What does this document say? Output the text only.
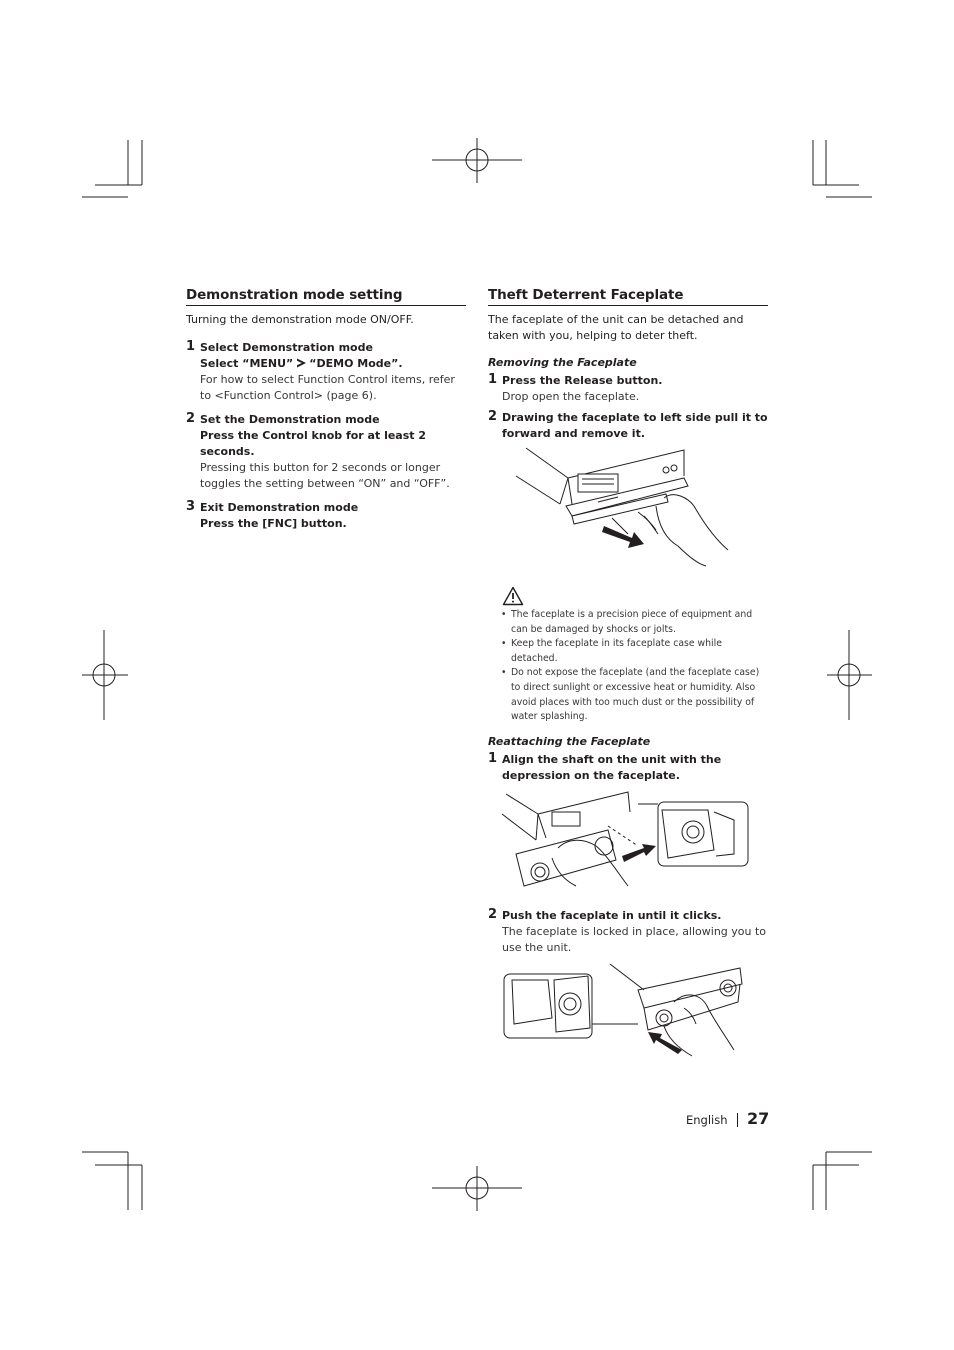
Demonstration mode setting

Turning the demonstration mode ON/OFF.

1 Select Demonstration mode
Select “MENU” “DEMO Mode”.
For how to select Function Control items, refer to <Function Control> (page 6).
2 Set the Demonstration mode
Press the Control knob for at least 2 seconds.
Pressing this button for 2 seconds or longer toggles the setting between “ON” and “OFF”.
3 Exit Demonstration mode
Press the [FNC] button.
Theft Deterrent Faceplate

The faceplate of the unit can be detached and taken with you, helping to deter theft.

Removing the Faceplate

1 Press the Release button.
Drop open the faceplate.
2 Drawing the faceplate to left side pull it to forward and remove it.
• The faceplate is a precision piece of equipment and can be damaged by shocks or jolts.
• Keep the faceplate in its faceplate case while detached.
• Do not expose the faceplate (and the faceplate case) to direct sunlight or excessive heat or humidity. Also avoid places with too much dust or the possibility of water splashing.

Reattaching the Faceplate

1 Align the shaft on the unit with the depression on the faceplate.
2 Push the faceplate in until it clicks.
The faceplate is locked in place, allowing you to use the unit.
English 27
